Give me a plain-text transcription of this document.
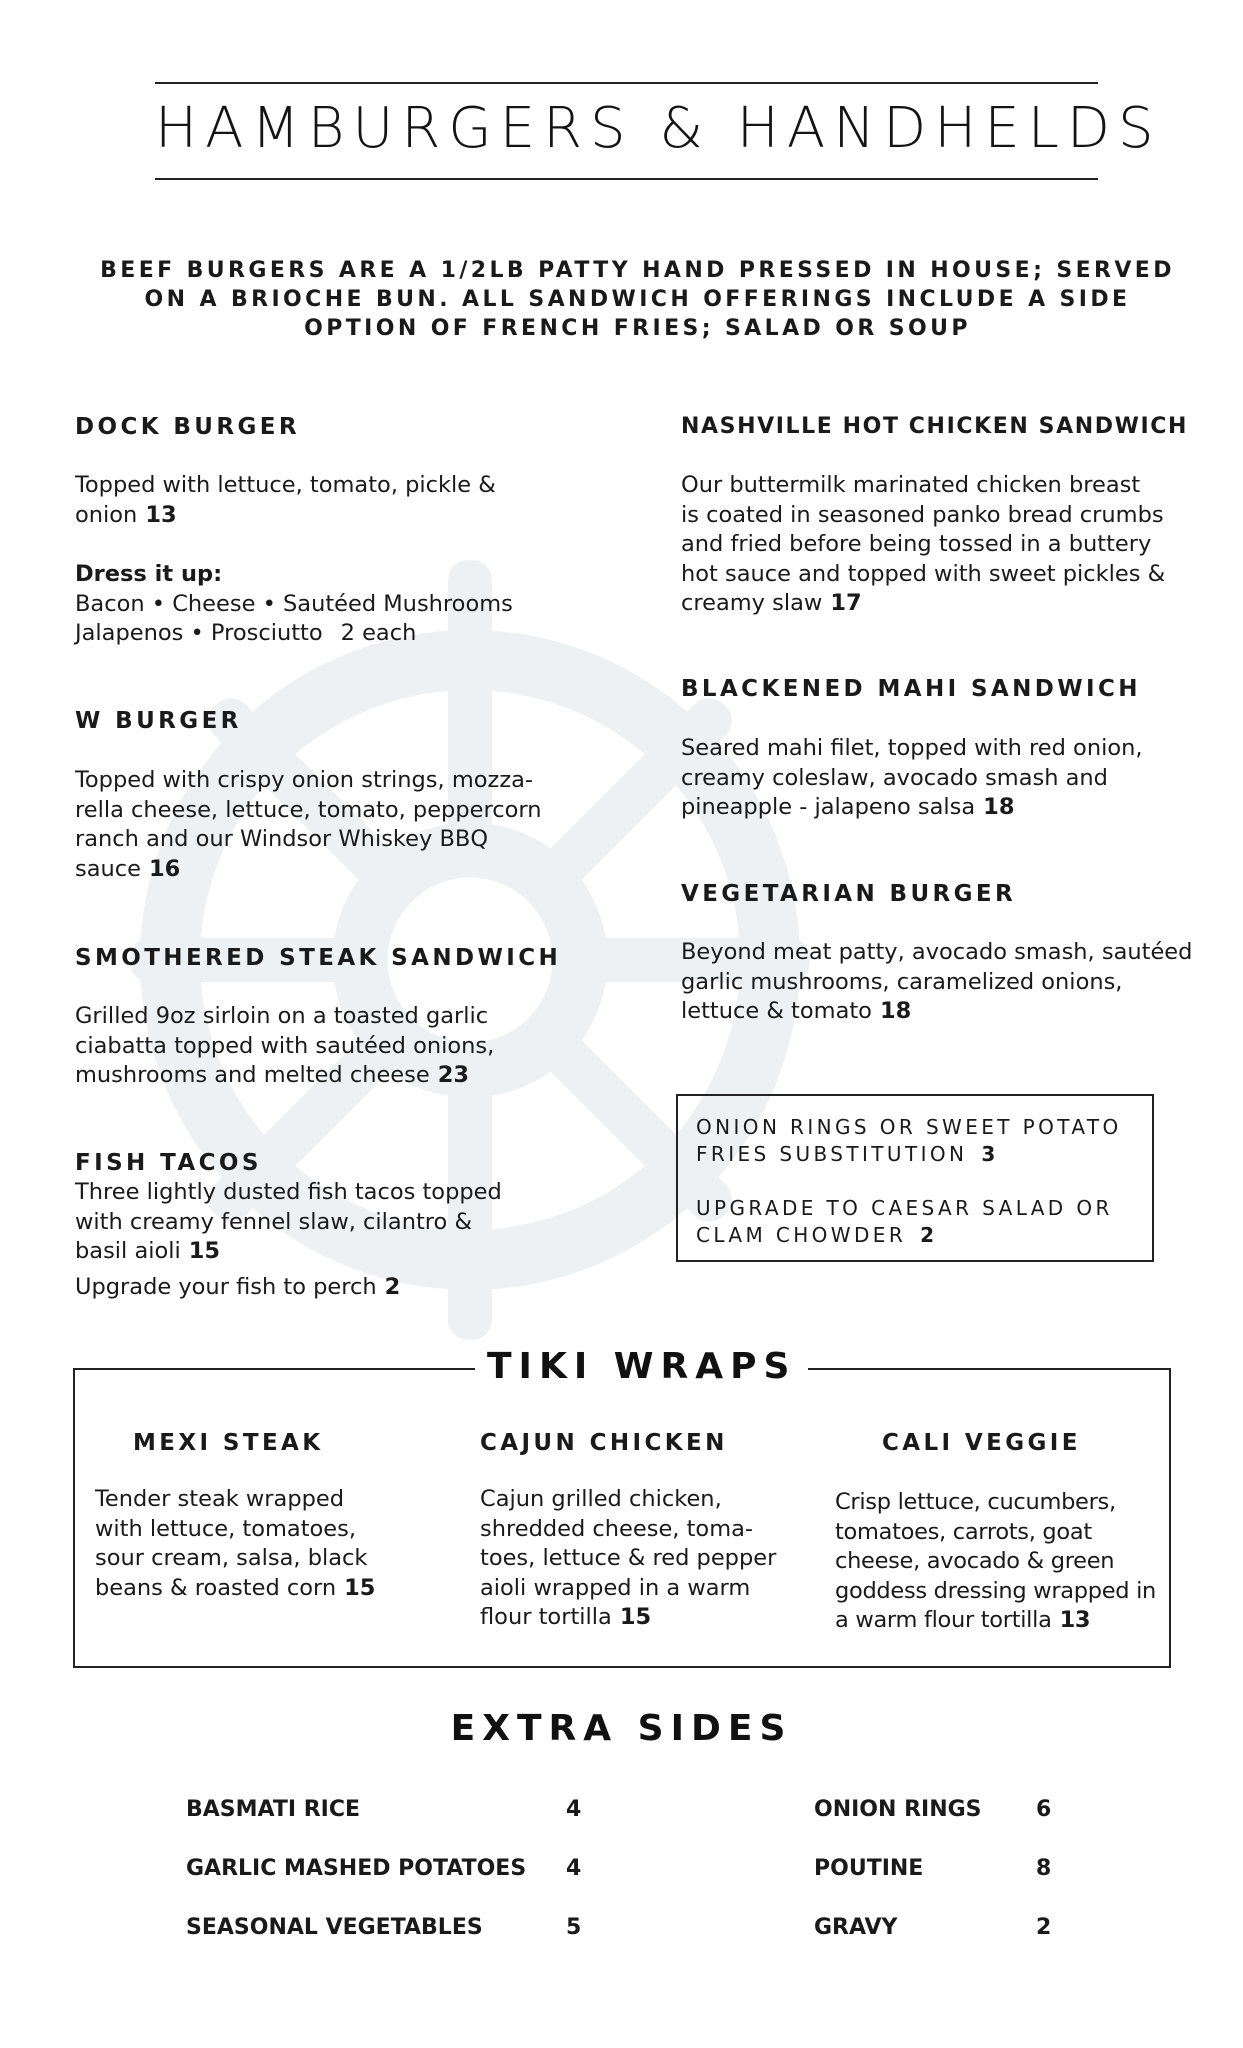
HAMBURGERS & HANDHELDS
BEEF BURGERS ARE A 1/2LB PATTY HAND PRESSED IN HOUSE; SERVED
ON A BRIOCHE BUN. ALL SANDWICH OFFERINGS INCLUDE A SIDE
OPTION OF FRENCH FRIES; SALAD OR SOUP
DOCK BURGER
Topped with lettuce, tomato, pickle &
onion 13
Dress it up:
Bacon • Cheese • Sautéed Mushrooms
Jalapenos • Prosciutto 2 each
W BURGER
Topped with crispy onion strings, mozza-
rella cheese, lettuce, tomato, peppercorn
ranch and our Windsor Whiskey BBQ
sauce 16
SMOTHERED STEAK SANDWICH
Grilled 9oz sirloin on a toasted garlic
ciabatta topped with sautéed onions,
mushrooms and melted cheese 23
FISH TACOS
Three lightly dusted fish tacos topped
with creamy fennel slaw, cilantro &
basil aioli 15
Upgrade your fish to perch 2
NASHVILLE HOT CHICKEN SANDWICH
Our buttermilk marinated chicken breast
is coated in seasoned panko bread crumbs
and fried before being tossed in a buttery
hot sauce and topped with sweet pickles &
creamy slaw 17
BLACKENED MAHI SANDWICH
Seared mahi filet, topped with red onion,
creamy coleslaw, avocado smash and
pineapple - jalapeno salsa 18
VEGETARIAN BURGER
Beyond meat patty, avocado smash, sautéed
garlic mushrooms, caramelized onions,
lettuce & tomato 18
ONION RINGS OR SWEET POTATO
FRIES SUBSTITUTION 3
UPGRADE TO CAESAR SALAD OR
CLAM CHOWDER 2
TIKI WRAPS
MEXI STEAK
Tender steak wrapped
with lettuce, tomatoes,
sour cream, salsa, black
beans & roasted corn 15
CAJUN CHICKEN
Cajun grilled chicken,
shredded cheese, toma-
toes, lettuce & red pepper
aioli wrapped in a warm
flour tortilla 15
CALI VEGGIE
Crisp lettuce, cucumbers,
tomatoes, carrots, goat
cheese, avocado & green
goddess dressing wrapped in
a warm flour tortilla 13
EXTRA SIDES
BASMATI RICE	4
GARLIC MASHED POTATOES 4
SEASONAL VEGETABLES	5
ONION RINGS 6
POUTINE	8
GRAVY	2
